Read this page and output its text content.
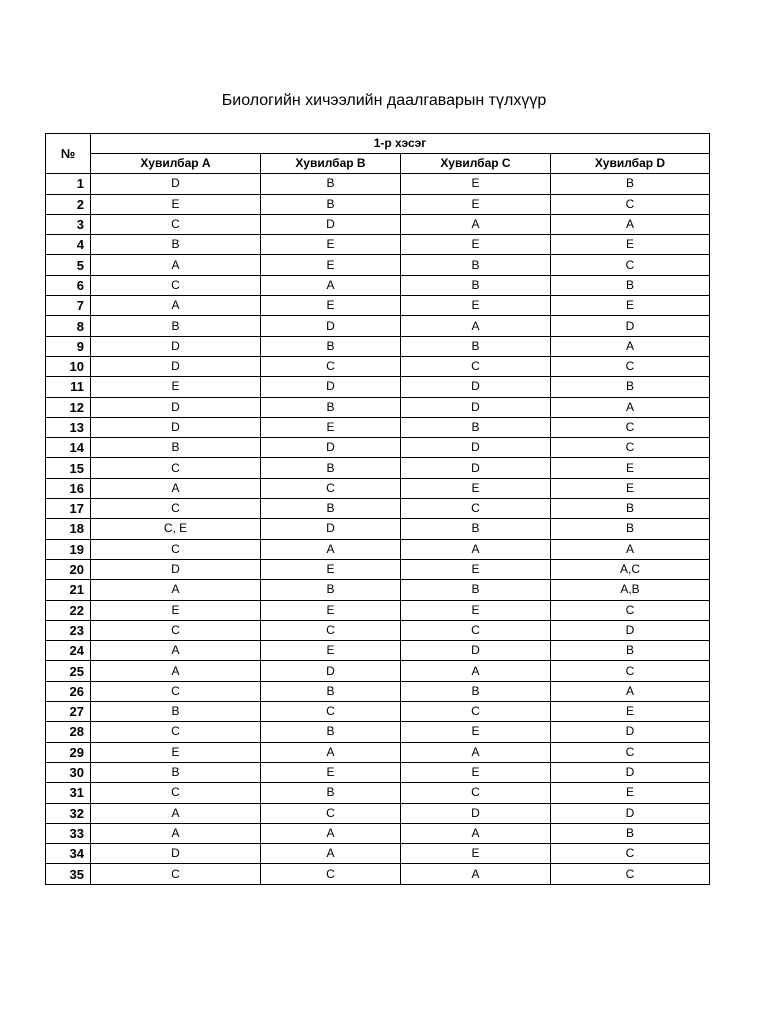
Биологийн хичээлийн даалгаварын түлхүүр
№	1-р хэсэг			
	Хувилбар A	Хувилбар B	Хувилбар C	Хувилбар D
1	D	B	E	B
2	E	B	E	C
3	C	D	A	A
4	B	E	E	E
5	A	E	B	C
6	C	A	B	B
7	A	E	E	E
8	B	D	A	D
9	D	B	B	A
10	D	C	C	C
11	E	D	D	B
12	D	B	D	A
13	D	E	B	C
14	B	D	D	C
15	C	B	D	E
16	A	C	E	E
17	C	B	C	B
18	C, E	D	B	B
19	C	A	A	A
20	D	E	E	A,C
21	A	B	B	A,B
22	E	E	E	C
23	C	C	C	D
24	A	E	D	B
25	A	D	A	C
26	C	B	B	A
27	B	C	C	E
28	C	B	E	D
29	E	A	A	C
30	B	E	E	D
31	C	B	C	E
32	A	C	D	D
33	A	A	A	B
34	D	A	E	C
35	C	C	A	C
